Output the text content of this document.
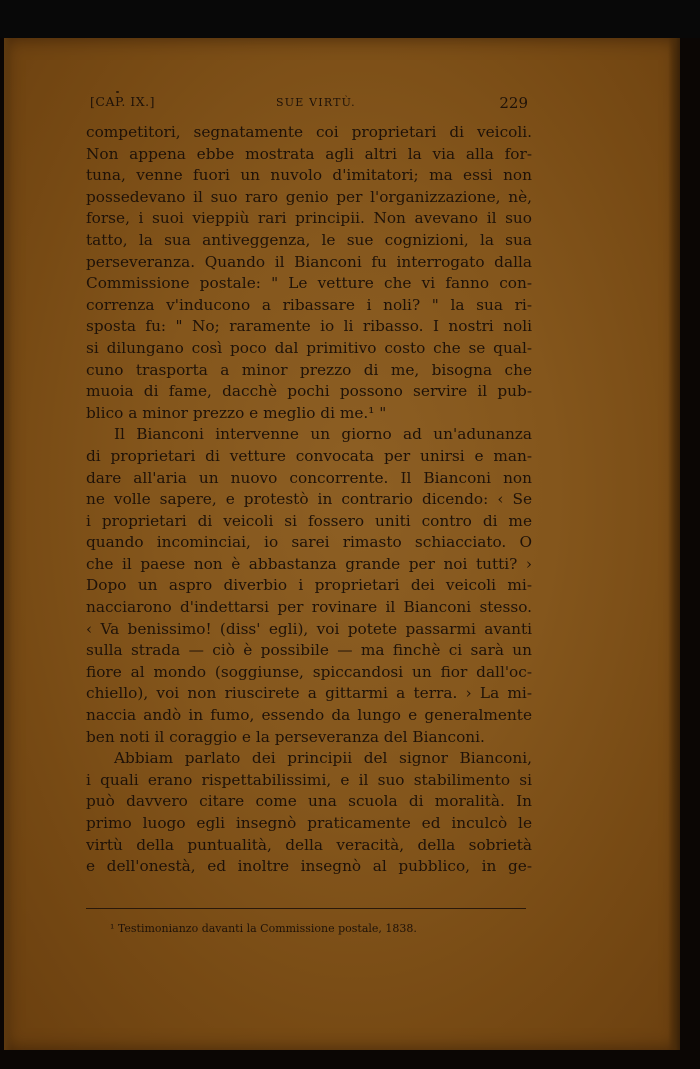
[CAP. IX.]	SUE VIRTÙ.	229
competitori, segnatamente coi proprietari di veicoli.
Non appena ebbe mostrata agli altri la via alla for-
tuna, venne fuori un nuvolo d'imitatori; ma essi non
possedevano il suo raro genio per l'organizzazione, nè,
forse, i suoi vieppiù rari principii. Non avevano il suo
tatto, la sua antiveggenza, le sue cognizioni, la sua
perseveranza. Quando il Bianconi fu interrogato dalla
Commissione postale: " Le vetture che vi fanno con-
correnza v'inducono a ribassare i noli? " la sua ri-
sposta fu: " No; raramente io li ribasso. I nostri noli
si dilungano così poco dal primitivo costo che se qual-
cuno trasporta a minor prezzo di me, bisogna che
muoia di fame, dacchè pochi possono servire il pub-
blico a minor prezzo e meglio di me.¹ "
Il Bianconi intervenne un giorno ad un'adunanza
di proprietari di vetture convocata per unirsi e man-
dare all'aria un nuovo concorrente. Il Bianconi non
ne volle sapere, e protestò in contrario dicendo: ‹ Se
i proprietari di veicoli si fossero uniti contro di me
quando incominciai, io sarei rimasto schiacciato. O
che il paese non è abbastanza grande per noi tutti? ›
Dopo un aspro diverbio i proprietari dei veicoli mi-
nacciarono d'indettarsi per rovinare il Bianconi stesso.
‹ Va benissimo! (diss' egli), voi potete passarmi avanti
sulla strada — ciò è possibile — ma finchè ci sarà un
fiore al mondo (soggiunse, spiccandosi un fior dall'oc-
chiello), voi non riuscirete a gittarmi a terra. › La mi-
naccia andò in fumo, essendo da lungo e generalmente
ben noti il coraggio e la perseveranza del Bianconi.
Abbiam parlato dei principii del signor Bianconi,
i quali erano rispettabilissimi, e il suo stabilimento si
può davvero citare come una scuola di moralità. In
primo luogo egli insegnò praticamente ed inculcò le
virtù della puntualità, della veracità, della sobrietà
e dell'onestà, ed inoltre insegnò al pubblico, in ge-
¹ Testimonianzo davanti la Commissione postale, 1838.
